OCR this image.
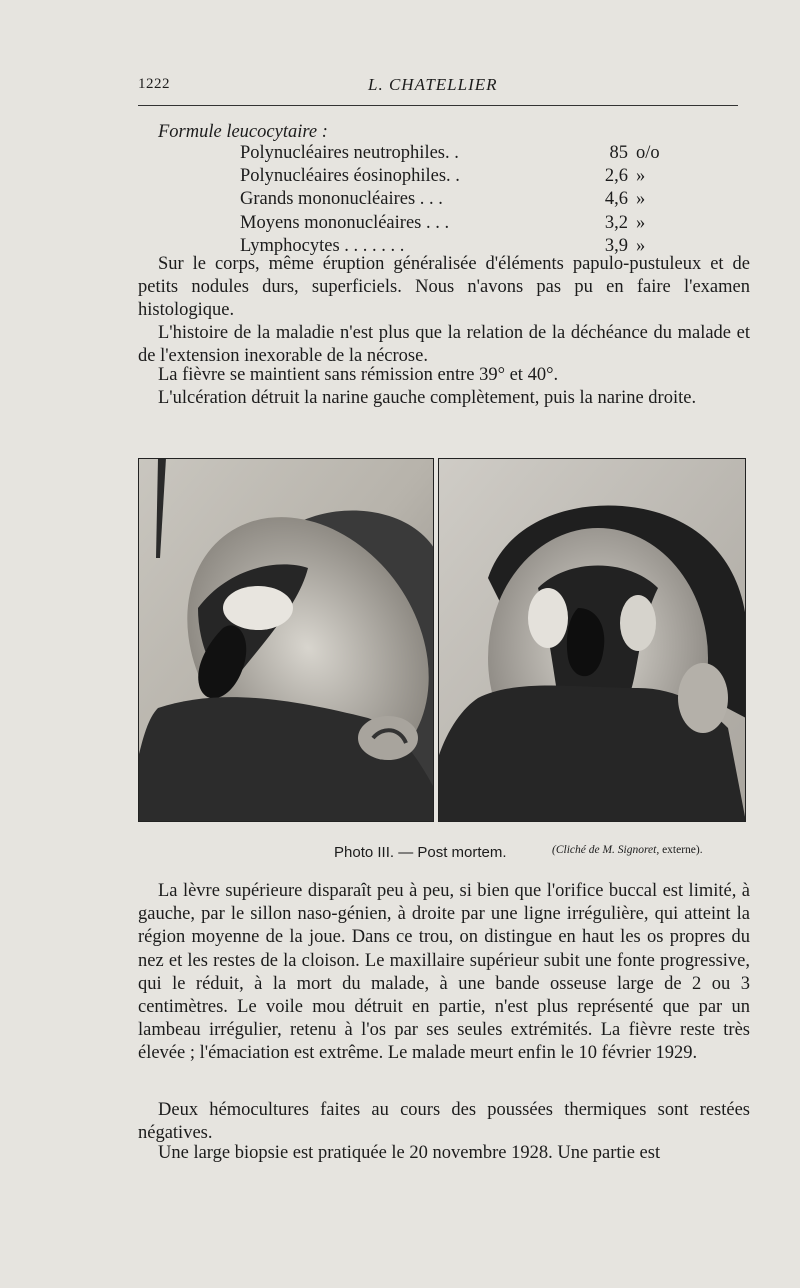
1222	L. CHATELLIER
Formule leucocytaire :
Polynucléaires neutrophiles. .	85	o/o
Polynucléaires éosinophiles. .	2,6	»
Grands mononucléaires . . .	4,6	»
Moyens mononucléaires . . .	3,2	»
Lymphocytes . . . . . . .	3,9	»

Sur le corps, même éruption généralisée d'éléments papulo-pustuleux et de petits nodules durs, superficiels. Nous n'avons pas pu en faire l'examen histologique.

L'histoire de la maladie n'est plus que la relation de la déchéance du malade et de l'extension inexorable de la nécrose.

La fièvre se maintient sans rémission entre 39° et 40°.

L'ulcération détruit la narine gauche complètement, puis la narine droite.

Photo III. — Post mortem.	(Cliché de M. Signoret, externe).

La lèvre supérieure disparaît peu à peu, si bien que l'orifice buccal est limité, à gauche, par le sillon naso-génien, à droite par une ligne irrégulière, qui atteint la région moyenne de la joue. Dans ce trou, on distingue en haut les os propres du nez et les restes de la cloison. Le maxillaire supérieur subit une fonte progressive, qui le réduit, à la mort du malade, à une bande osseuse large de 2 ou 3 centimètres. Le voile mou détruit en partie, n'est plus représenté que par un lambeau irrégulier, retenu à l'os par ses seules extrémités. La fièvre reste très élevée ; l'émaciation est extrême. Le malade meurt enfin le 10 février 1929.

Deux hémocultures faites au cours des poussées thermiques sont restées négatives.

Une large biopsie est pratiquée le 20 novembre 1928. Une partie est
